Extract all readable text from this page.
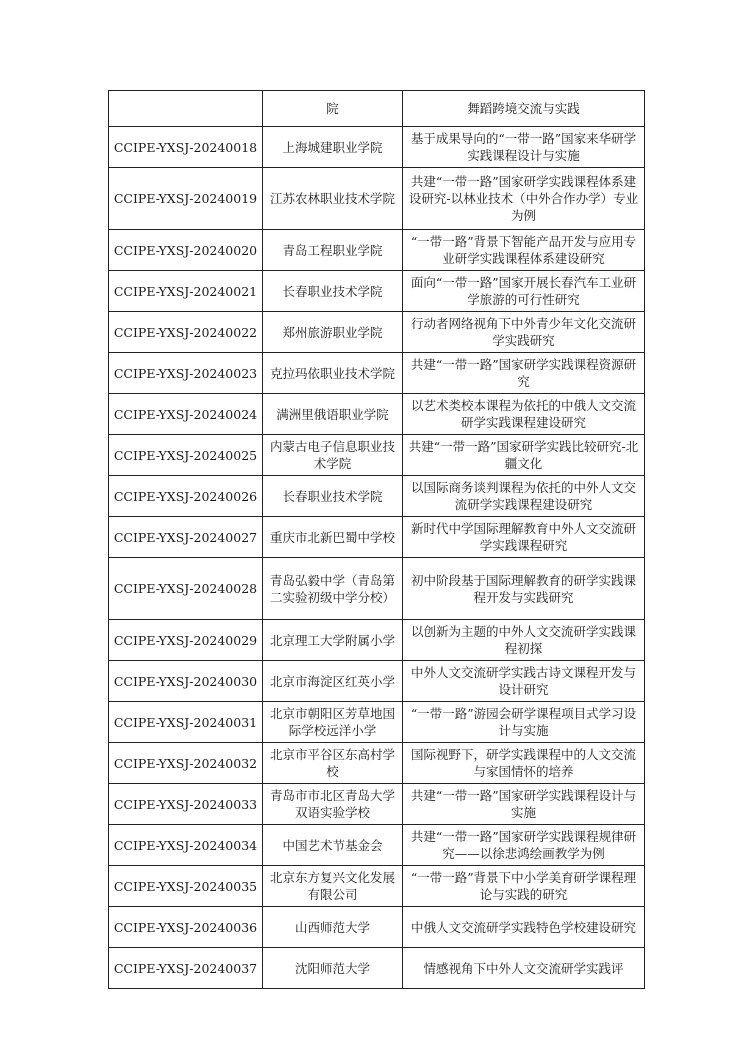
	院	舞蹈跨境交流与实践
CCIPE-YXSJ-20240018	上海城建职业学院	基于成果导向的“一带一路”国家来华研学实践课程设计与实施
CCIPE-YXSJ-20240019	江苏农林职业技术学院	共建“一带一路”国家研学实践课程体系建设研究-以林业技术（中外合作办学）专业为例
CCIPE-YXSJ-20240020	青岛工程职业学院	“一带一路”背景下智能产品开发与应用专业研学实践课程体系建设研究
CCIPE-YXSJ-20240021	长春职业技术学院	面向“一带一路”国家开展长春汽车工业研学旅游的可行性研究
CCIPE-YXSJ-20240022	郑州旅游职业学院	行动者网络视角下中外青少年文化交流研学实践研究
CCIPE-YXSJ-20240023	克拉玛依职业技术学院	共建“一带一路”国家研学实践课程资源研究
CCIPE-YXSJ-20240024	满洲里俄语职业学院	以艺术类校本课程为依托的中俄人文交流研学实践课程建设研究
CCIPE-YXSJ-20240025	内蒙古电子信息职业技术学院	共建“一带一路”国家研学实践比较研究-北疆文化
CCIPE-YXSJ-20240026	长春职业技术学院	以国际商务谈判课程为依托的中外人文交流研学实践课程建设研究
CCIPE-YXSJ-20240027	重庆市北新巴蜀中学校	新时代中学国际理解教育中外人文交流研学实践课程研究
CCIPE-YXSJ-20240028	青岛弘毅中学（青岛第二实验初级中学分校）	初中阶段基于国际理解教育的研学实践课程开发与实践研究
CCIPE-YXSJ-20240029	北京理工大学附属小学	以创新为主题的中外人文交流研学实践课程初探
CCIPE-YXSJ-20240030	北京市海淀区红英小学	中外人文交流研学实践古诗文课程开发与设计研究
CCIPE-YXSJ-20240031	北京市朝阳区芳草地国际学校远洋小学	“一带一路”游园会研学课程项目式学习设计与实施
CCIPE-YXSJ-20240032	北京市平谷区东高村学校	国际视野下，研学实践课程中的人文交流与家国情怀的培养
CCIPE-YXSJ-20240033	青岛市市北区青岛大学双语实验学校	共建“一带一路”国家研学实践课程设计与实施
CCIPE-YXSJ-20240034	中国艺术节基金会	共建“一带一路”国家研学实践课程规律研究——以徐悲鸿绘画教学为例
CCIPE-YXSJ-20240035	北京东方复兴文化发展有限公司	“一带一路”背景下中小学美育研学课程理论与实践的研究
CCIPE-YXSJ-20240036	山西师范大学	中俄人文交流研学实践特色学校建设研究
CCIPE-YXSJ-20240037	沈阳师范大学	情感视角下中外人文交流研学实践评
